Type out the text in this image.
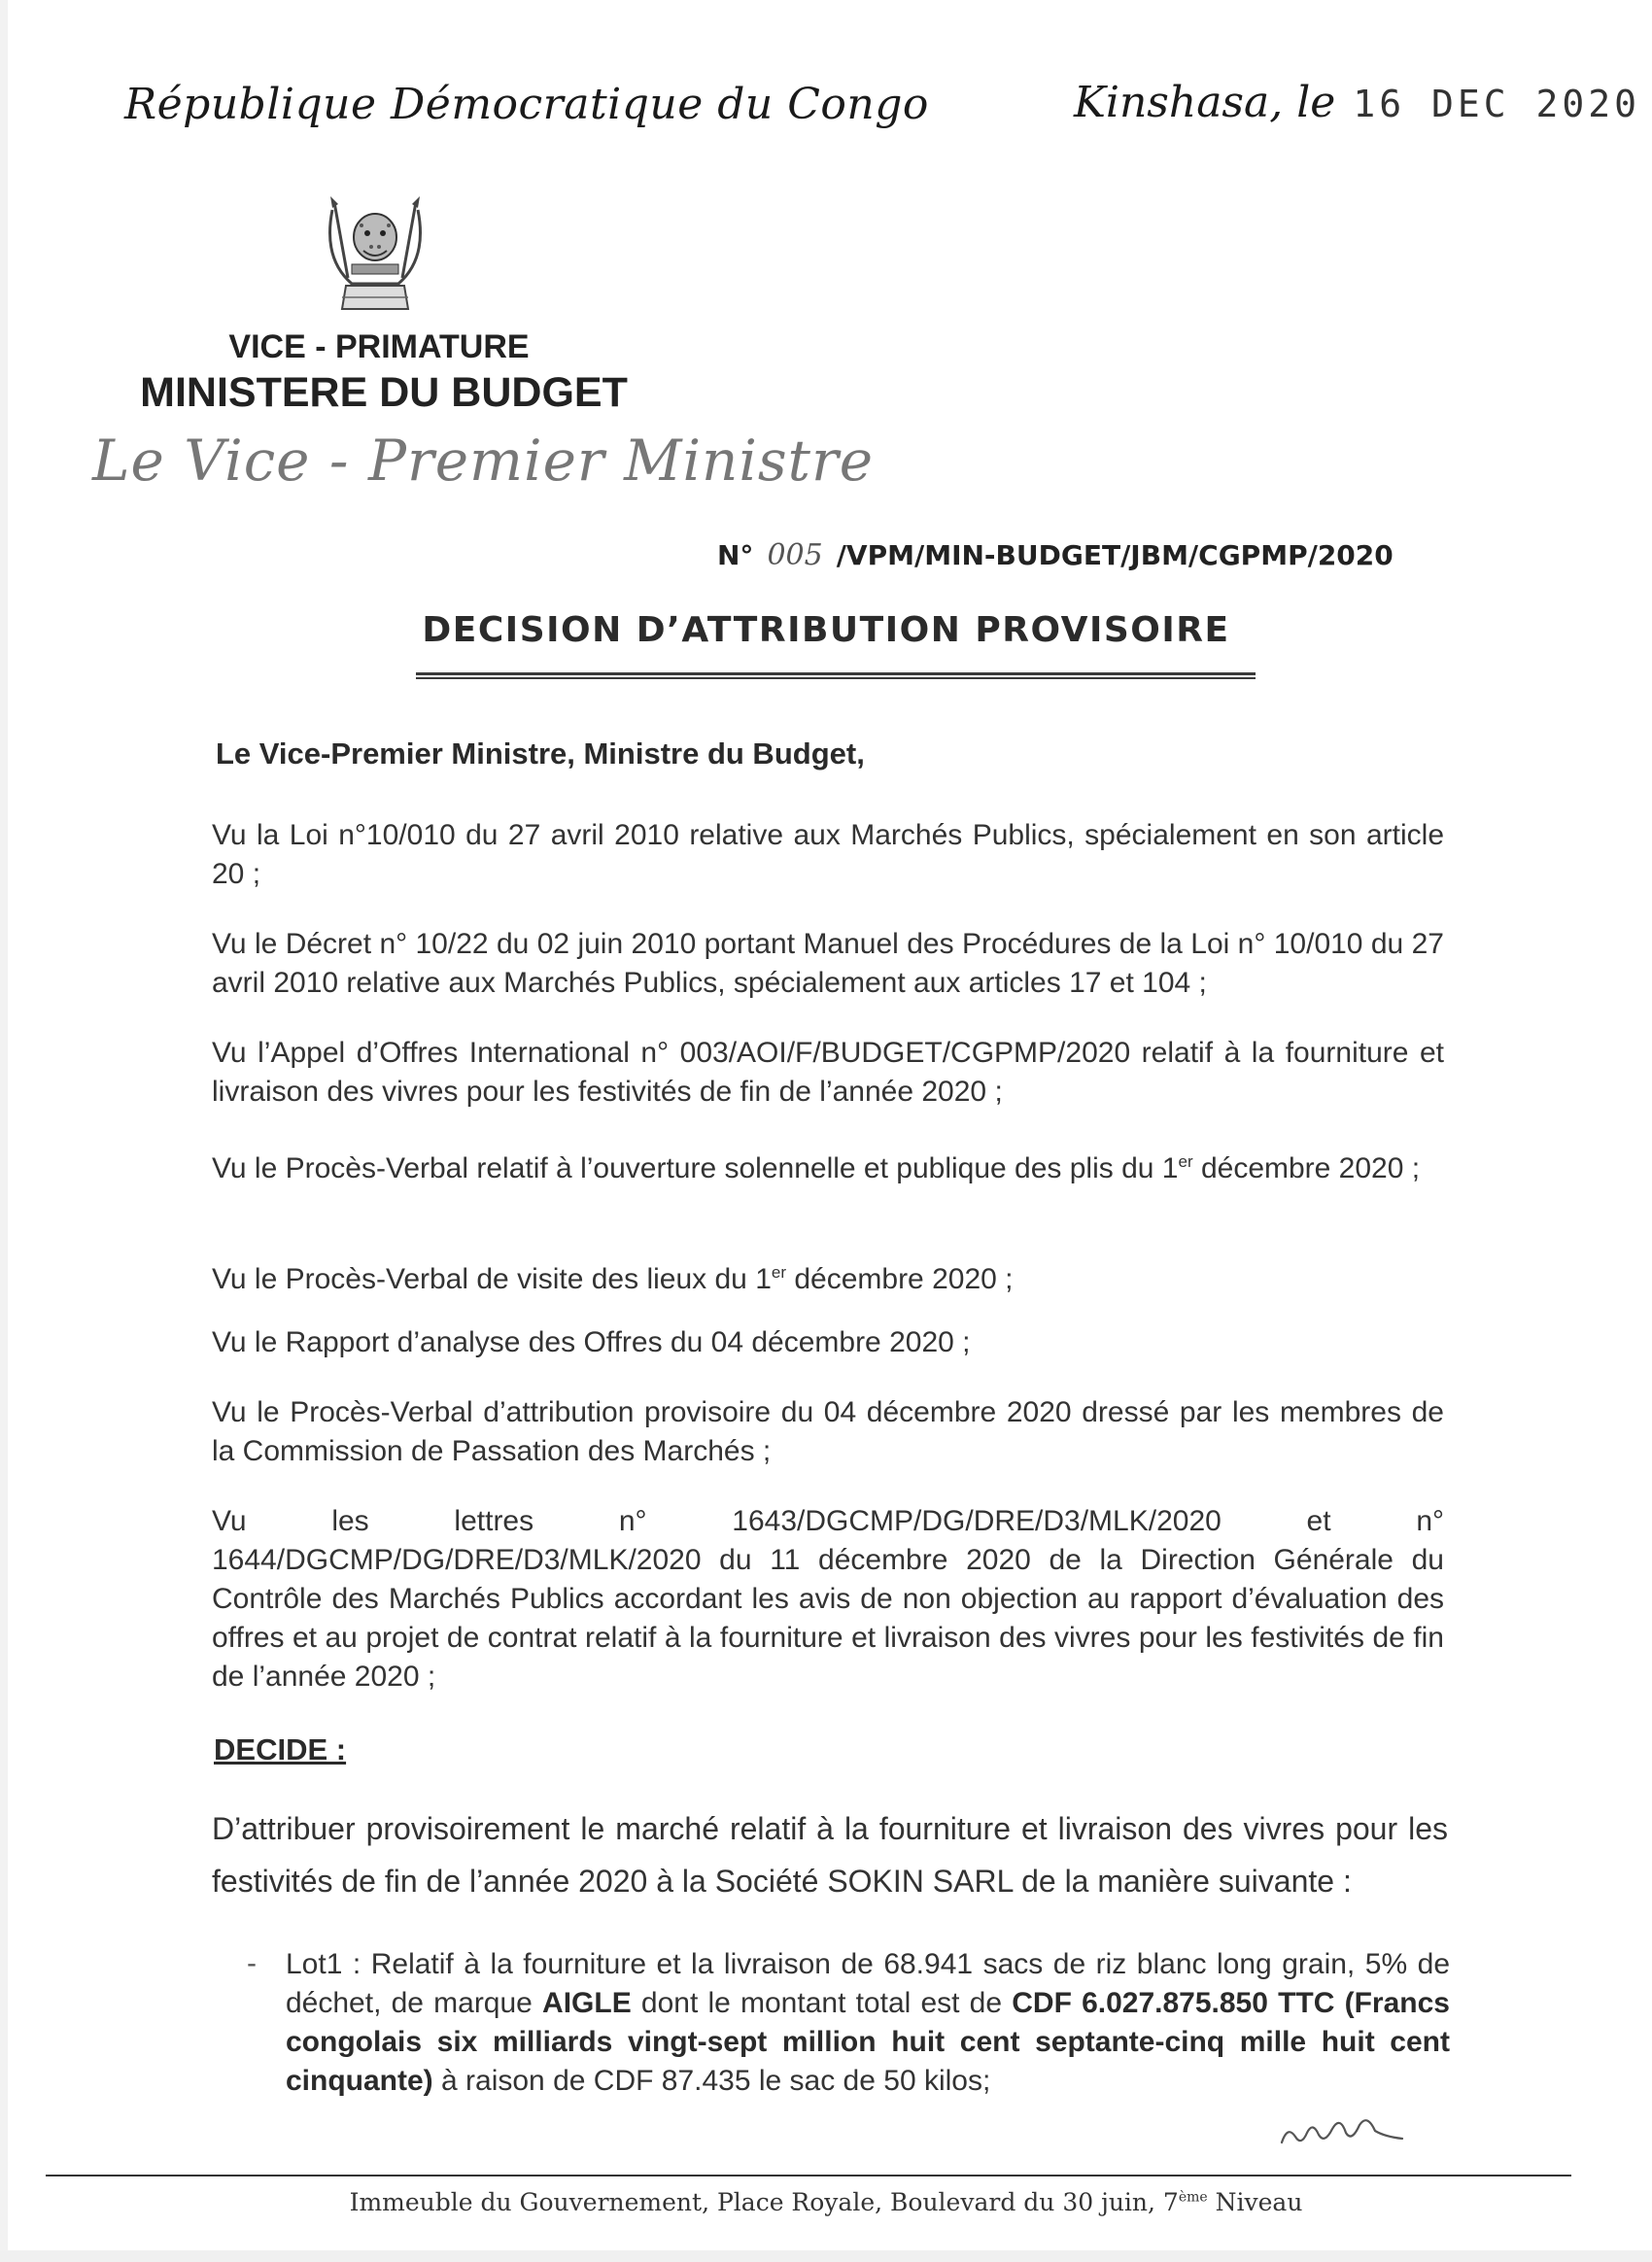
République Démocratique du Congo	Kinshasa, le 16 DEC 2020
VICE - PRIMATURE
MINISTERE DU BUDGET
Le Vice - Premier Ministre
N° 005 /VPM/MIN-BUDGET/JBM/CGPMP/2020
DECISION D’ATTRIBUTION PROVISOIRE
Le Vice-Premier Ministre, Ministre du Budget,
Vu la Loi n°10/010 du 27 avril 2010 relative aux Marchés Publics, spécialement en son article 20 ;
Vu le Décret n° 10/22 du 02 juin 2010 portant Manuel des Procédures de la Loi n° 10/010 du 27 avril 2010 relative aux Marchés Publics, spécialement aux articles 17 et 104 ;
Vu l’Appel d’Offres International n° 003/AOI/F/BUDGET/CGPMP/2020 relatif à la fourniture et livraison des vivres pour les festivités de fin de l’année 2020 ;
Vu le Procès-Verbal relatif à l’ouverture solennelle et publique des plis du 1er décembre 2020 ;
Vu le Procès-Verbal de visite des lieux du 1er décembre 2020 ;
Vu le Rapport d’analyse des Offres du 04 décembre 2020 ;
Vu le Procès-Verbal d’attribution provisoire du 04 décembre 2020 dressé par les membres de la Commission de Passation des Marchés ;
Vu les lettres n° 1643/DGCMP/DG/DRE/D3/MLK/2020 et n° 1644/DGCMP/DG/DRE/D3/MLK/2020 du 11 décembre 2020 de la Direction Générale du Contrôle des Marchés Publics accordant les avis de non objection au rapport d’évaluation des offres et au projet de contrat relatif à la fourniture et livraison des vivres pour les festivités de fin de l’année 2020 ;
DECIDE :
D’attribuer provisoirement le marché relatif à la fourniture et livraison des vivres pour les festivités de fin de l’année 2020 à la Société SOKIN SARL de la manière suivante :
- Lot1 : Relatif à la fourniture et la livraison de 68.941 sacs de riz blanc long grain, 5% de déchet, de marque AIGLE dont le montant total est de CDF 6.027.875.850 TTC (Francs congolais six milliards vingt-sept million huit cent septante-cinq mille huit cent cinquante) à raison de CDF 87.435 le sac de 50 kilos;
Immeuble du Gouvernement, Place Royale, Boulevard du 30 juin, 7ème Niveau
